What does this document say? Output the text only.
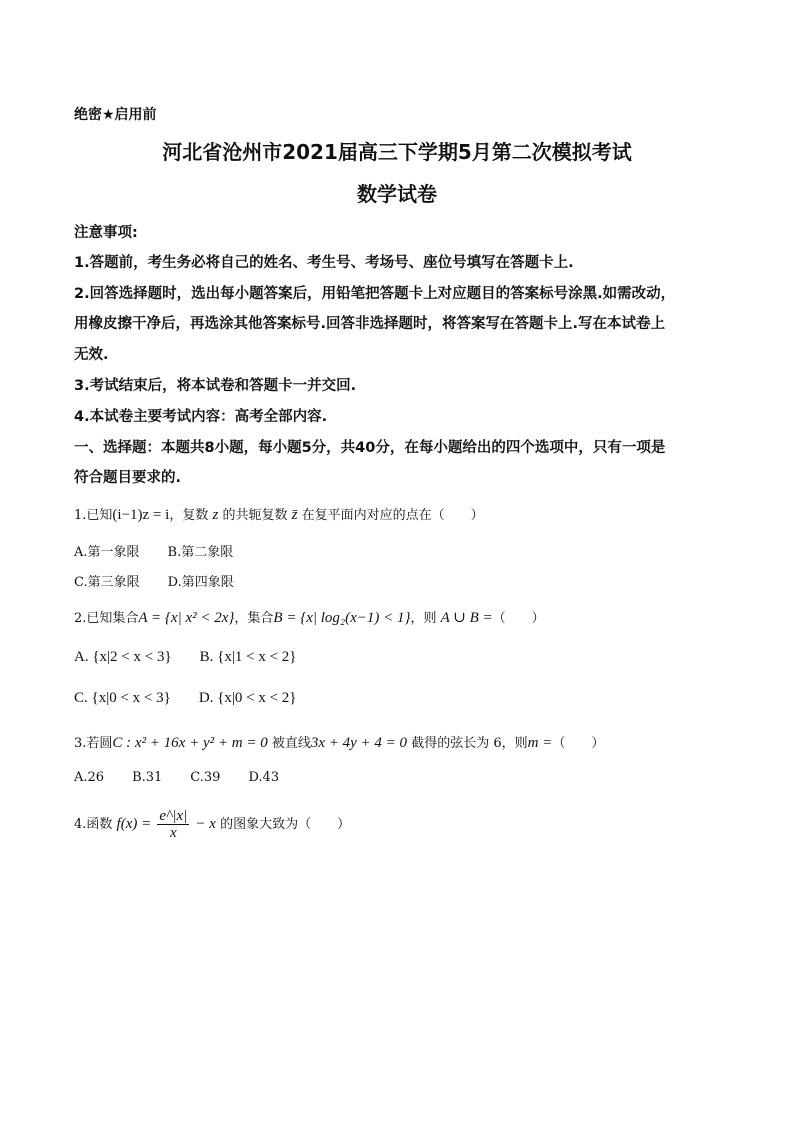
绝密★启用前
河北省沧州市2021届高三下学期5月第二次模拟考试
数学试卷
注意事项:
1.答题前，考生务必将自己的姓名、考生号、考场号、座位号填写在答题卡上.
2.回答选择题时，选出每小题答案后，用铅笔把答题卡上对应题目的答案标号涂黑.如需改动，
用橡皮擦干净后，再选涂其他答案标号.回答非选择题时，将答案写在答题卡上.写在本试卷上
无效.
3.考试结束后，将本试卷和答题卡一并交回.
4.本试卷主要考试内容：高考全部内容.
一、选择题：本题共8小题，每小题5分，共40分，在每小题给出的四个选项中，只有一项是
符合题目要求的.
1.已知(i−1)z = i，复数 z 的共轭复数 z̄ 在复平面内对应的点在（　　）
A.第一象限 B.第二象限
C.第三象限 D.第四象限
2.已知集合A = {x| x² < 2x}，集合B = {x| log₂(x−1) < 1}，则 A ∪ B =（　　）
A. {x|2 < x < 3} B. {x|1 < x < 2}
C. {x|0 < x < 3} D. {x|0 < x < 2}
3.若圆C : x² + 16x + y² + m = 0 被直线3x + 4y + 4 = 0 截得的弦长为 6，则m =（　　）
A.26 B.31 C.39 D.43
4.函数 $f(x) = \frac{e\^{}|x|}{x} - x$ 的图象大致为（　　）
